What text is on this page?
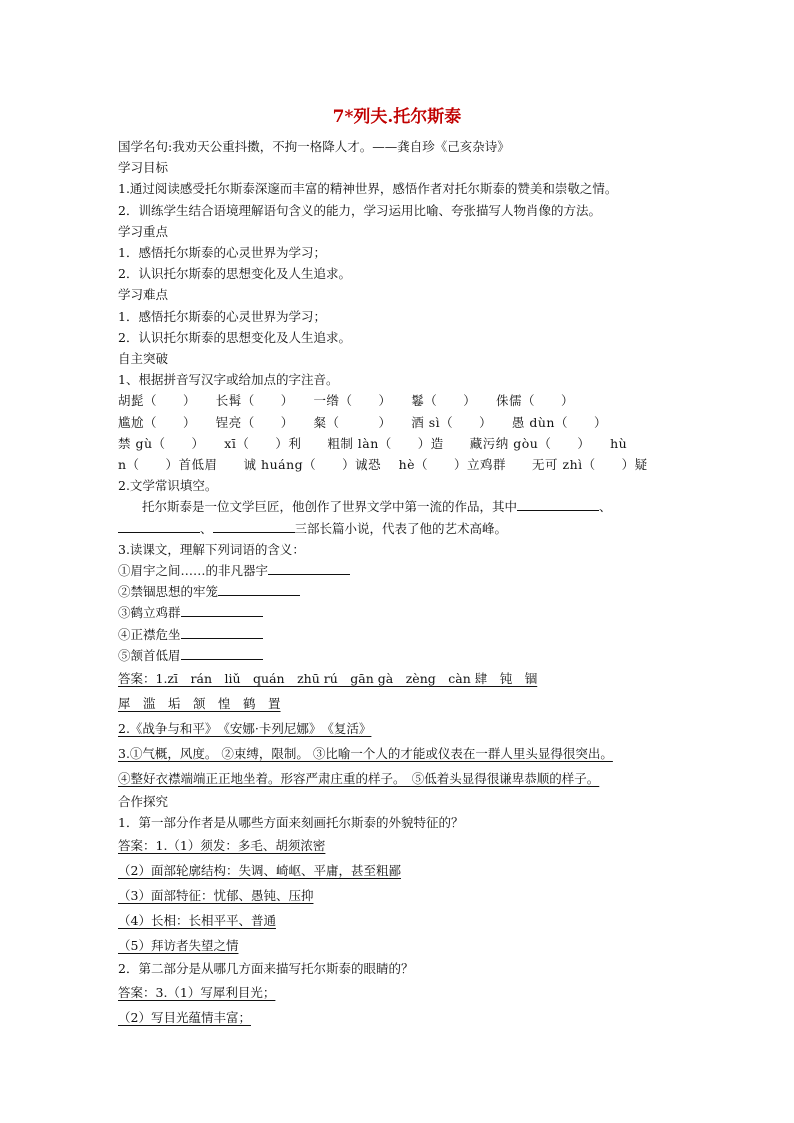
7*列夫.托尔斯泰
国学名句:我劝天公重抖擞，不拘一格降人才。——龚自珍《己亥杂诗》
学习目标
1.通过阅读感受托尔斯泰深邃而丰富的精神世界，感悟作者对托尔斯泰的赞美和崇敬之情。
2．训练学生结合语境理解语句含义的能力，学习运用比喻、夸张描写人物肖像的方法。
学习重点
1．感悟托尔斯泰的心灵世界为学习；
2．认识托尔斯泰的思想变化及人生追求。
学习难点
1．感悟托尔斯泰的心灵世界为学习；
2．认识托尔斯泰的思想变化及人生追求。
自主突破
1、根据拼音写汉字或给加点的字注音。
胡髭（　　）　　长髯（　　）　　一绺（　　）　　鬈（　　）　　侏儒（　　）
尴尬（　　）　　锃亮（　　）　　粲（　　　）　　酒 sì（　　）　　愚 dùn（　　）
禁 gù（　　）　　xī（　　）利　　粗制 làn（　　）造　　藏污纳 gòu（　　）　　hù
n（　　）首低眉　　诚 huáng（　　）诚恐　 hè（　　）立鸡群　　无可 zhì（　　）疑
2.文学常识填空。
托尔斯泰是一位文学巨匠，他创作了世界文学中第一流的作品，其中	、
、	三部长篇小说，代表了他的艺术高峰。
3.读课文，理解下列词语的含义：
①眉宇之间……的非凡器宇
②禁锢思想的牢笼
③鹤立鸡群
④正襟危坐
⑤颔首低眉
答案：1.zī　rán　liǔ　quán　zhū rú　gān gà　zèng　càn 肆　钝　锢
犀　滥　垢　颔　惶　鹤　置
2.《战争与和平》　《安娜·卡列尼娜》　《复活》
3.①气概，风度。 ②束缚，限制。 ③比喻一个人的才能或仪表在一群人里头显得很突出。
④整好衣襟端端正正地坐着。形容严肃庄重的样子。　⑤低着头显得很谦卑恭顺的样子。
合作探究
1．第一部分作者是从哪些方面来刻画托尔斯泰的外貌特征的？
答案：1.（1）须发：多毛、胡须浓密
（2）面部轮廓结构：失调、崎岖、平庸，甚至粗鄙
（3）面部特征：忧郁、愚钝、压抑
（4）长相：长相平平、普通
（5）拜访者失望之情
2．第二部分是从哪几方面来描写托尔斯泰的眼睛的？
答案：3.（1）写犀利目光；
（2）写目光蕴情丰富；
